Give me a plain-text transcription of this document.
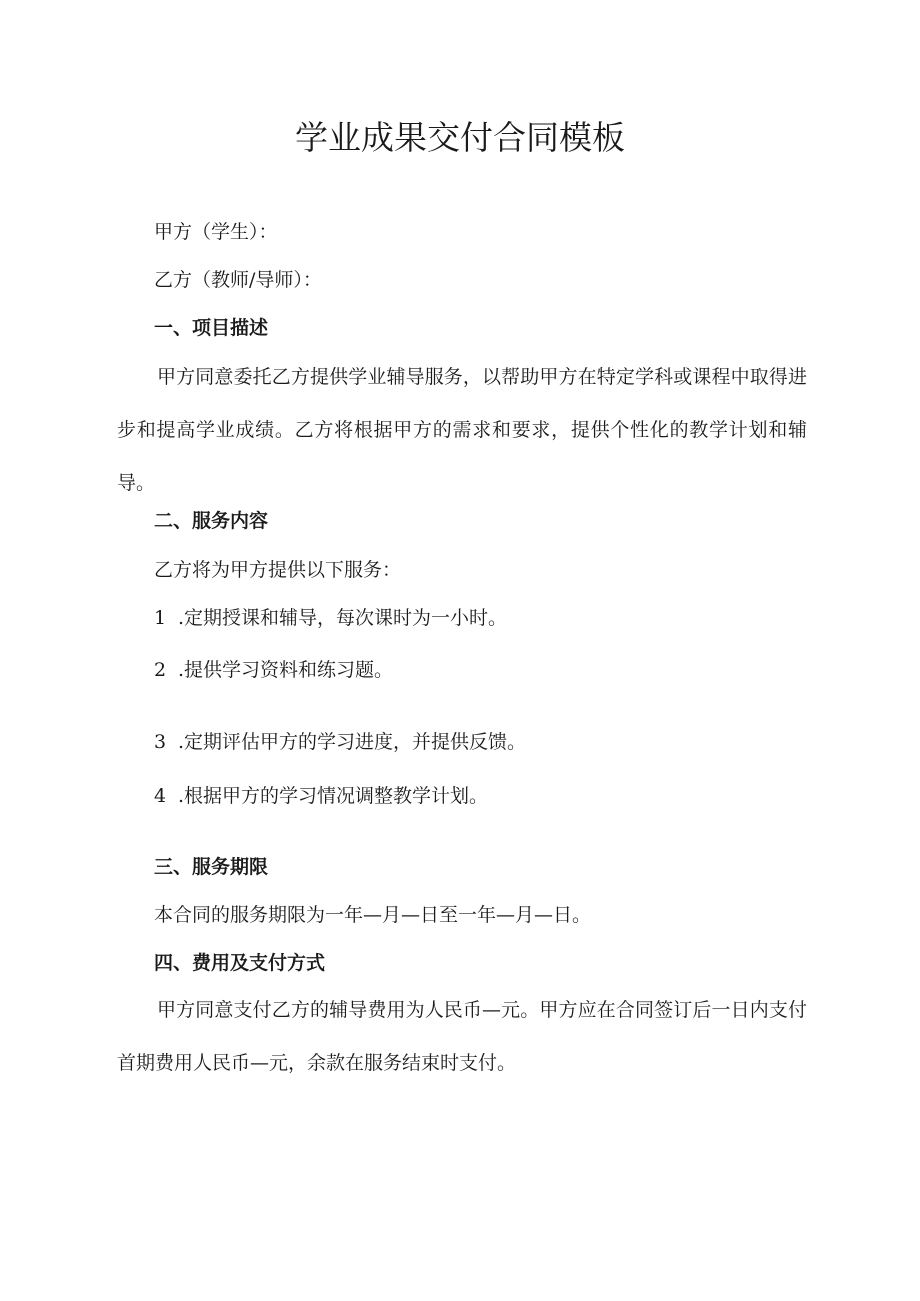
学业成果交付合同模板

甲方（学生）：

乙方（教师/导师）：

一、项目描述

甲方同意委托乙方提供学业辅导服务，以帮助甲方在特定学科或课程中取得进步和提高学业成绩。乙方将根据甲方的需求和要求，提供个性化的教学计划和辅导。

二、服务内容

乙方将为甲方提供以下服务：

1 .定期授课和辅导，每次课时为一小时。

2 .提供学习资料和练习题。

3 .定期评估甲方的学习进度，并提供反馈。

4 .根据甲方的学习情况调整教学计划。

三、服务期限

本合同的服务期限为一年—月—日至一年—月—日。

四、费用及支付方式

甲方同意支付乙方的辅导费用为人民币—元。甲方应在合同签订后一日内支付首期费用人民币—元，余款在服务结束时支付。
